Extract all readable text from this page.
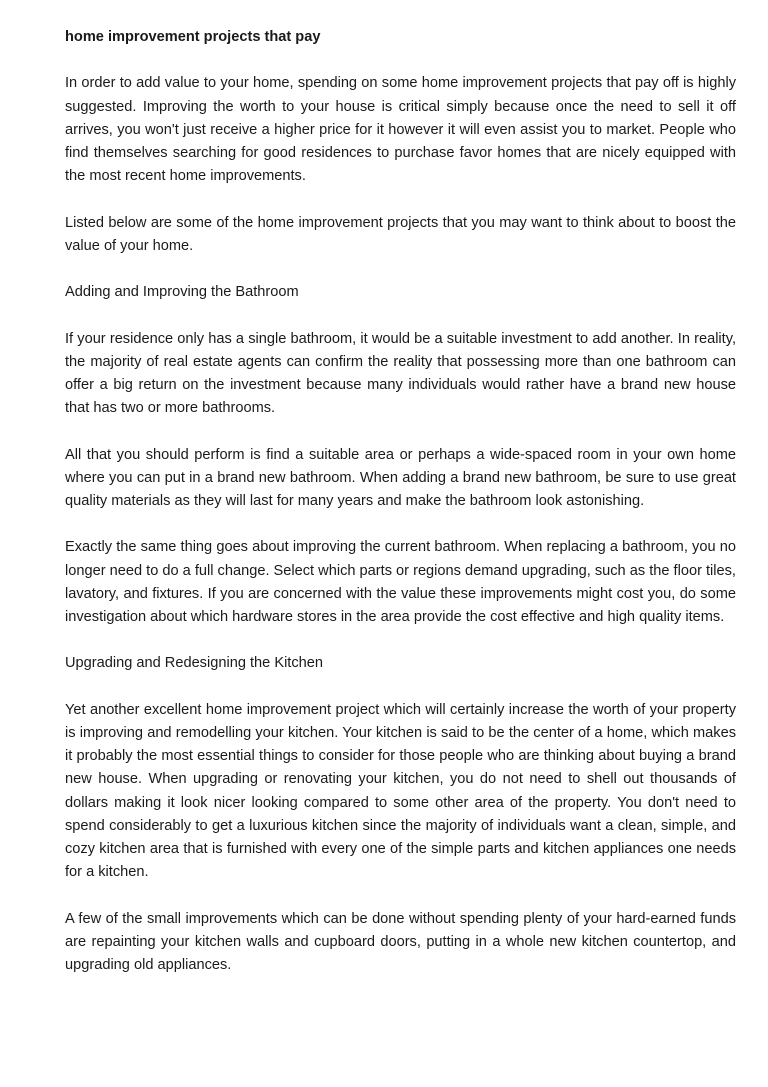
home improvement projects that pay

In order to add value to your home, spending on some home improvement projects that pay off is highly suggested. Improving the worth to your house is critical simply because once the need to sell it off arrives, you won't just receive a higher price for it however it will even assist you to market. People who find themselves searching for good residences to purchase favor homes that are nicely equipped with the most recent home improvements.

Listed below are some of the home improvement projects that you may want to think about to boost the value of your home.

Adding and Improving the Bathroom

If your residence only has a single bathroom, it would be a suitable investment to add another. In reality, the majority of real estate agents can confirm the reality that possessing more than one bathroom can offer a big return on the investment because many individuals would rather have a brand new house that has two or more bathrooms.

All that you should perform is find a suitable area or perhaps a wide-spaced room in your own home where you can put in a brand new bathroom. When adding a brand new bathroom, be sure to use great quality materials as they will last for many years and make the bathroom look astonishing.

Exactly the same thing goes about improving the current bathroom. When replacing a bathroom, you no longer need to do a full change. Select which parts or regions demand upgrading, such as the floor tiles, lavatory, and fixtures. If you are concerned with the value these improvements might cost you, do some investigation about which hardware stores in the area provide the cost effective and high quality items.

Upgrading and Redesigning the Kitchen

Yet another excellent home improvement project which will certainly increase the worth of your property is improving and remodelling your kitchen. Your kitchen is said to be the center of a home, which makes it probably the most essential things to consider for those people who are thinking about buying a brand new house. When upgrading or renovating your kitchen, you do not need to shell out thousands of dollars making it look nicer looking compared to some other area of the property. You don't need to spend considerably to get a luxurious kitchen since the majority of individuals want a clean, simple, and cozy kitchen area that is furnished with every one of the simple parts and kitchen appliances one needs for a kitchen.

A few of the small improvements which can be done without spending plenty of your hard-earned funds are repainting your kitchen walls and cupboard doors, putting in a whole new kitchen countertop, and upgrading old appliances.
